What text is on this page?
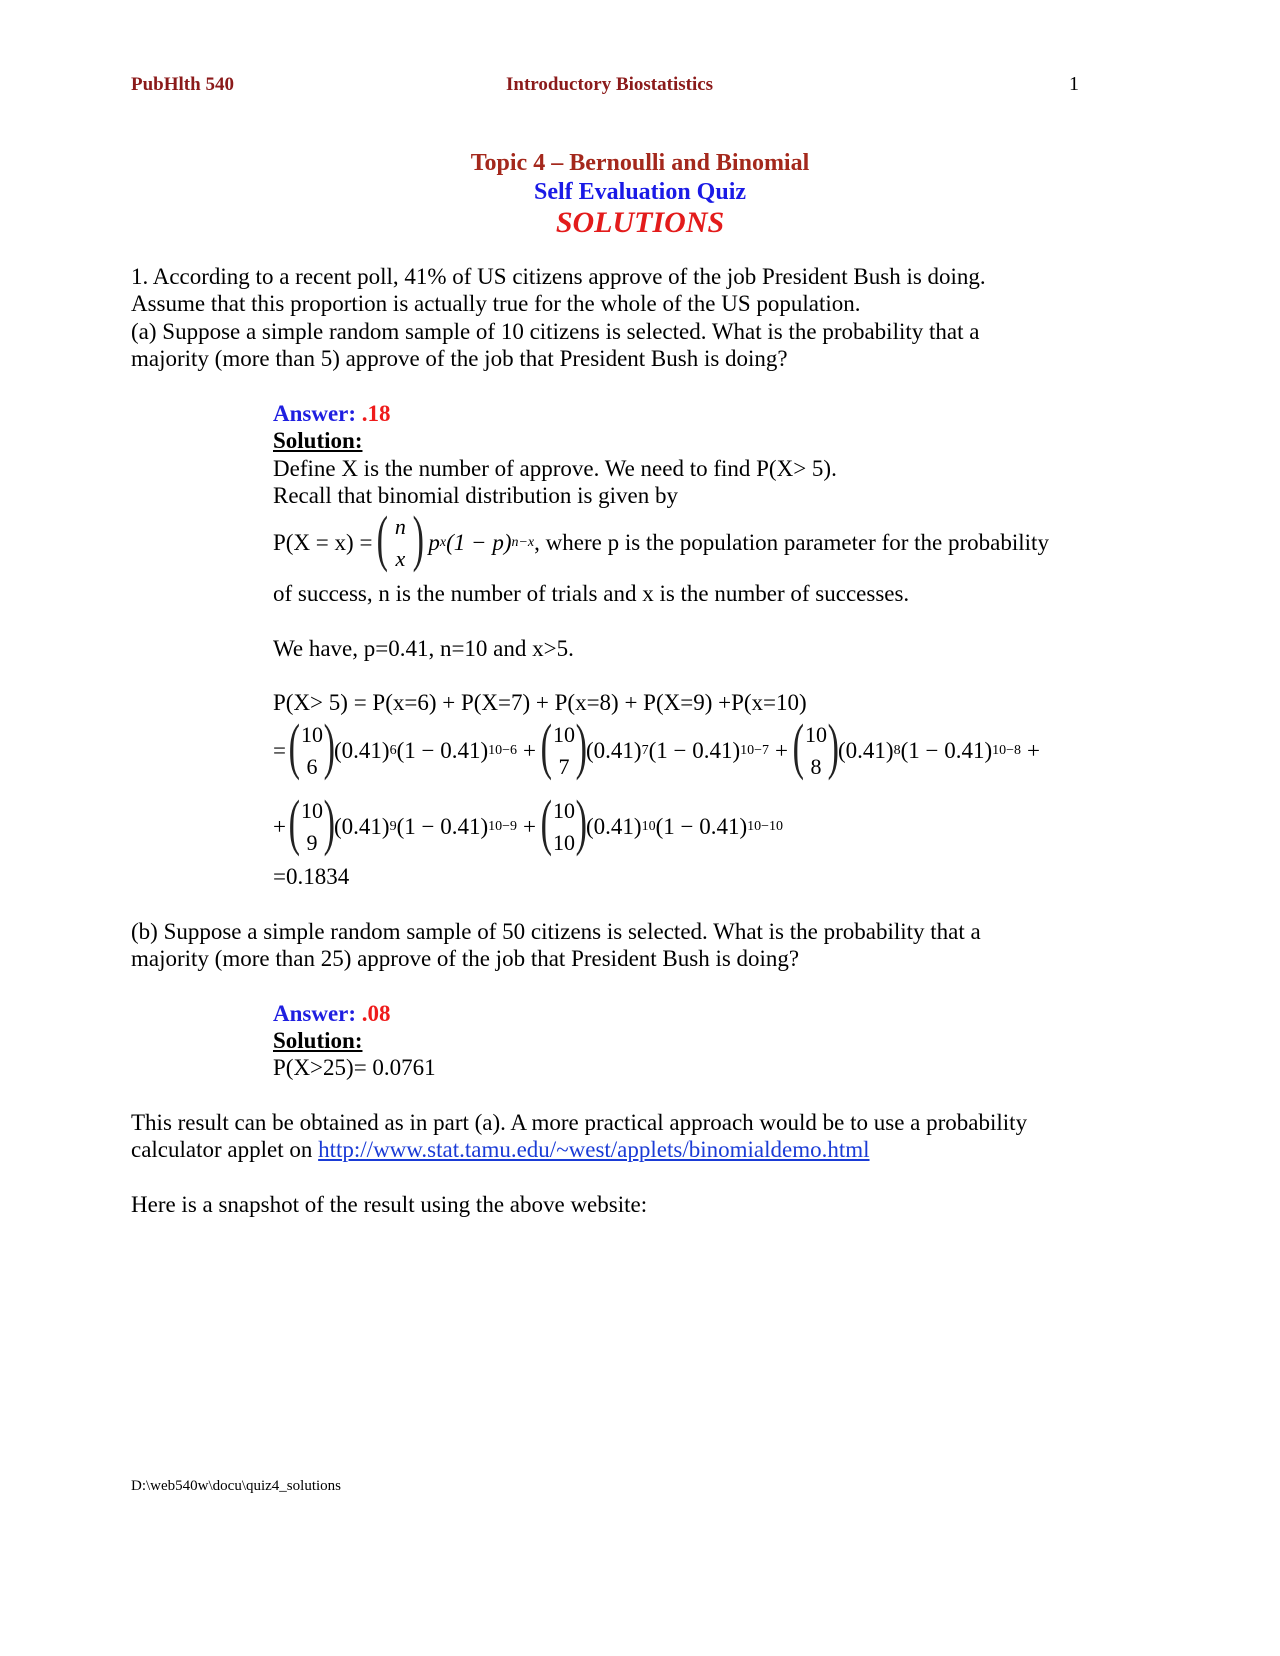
PubHlth 540	Introductory Biostatistics	1
Topic 4 – Bernoulli and Binomial
Self Evaluation Quiz
SOLUTIONS
1. According to a recent poll, 41% of US citizens approve of the job President Bush is doing.
Assume that this proportion is actually true for the whole of the US population.
(a) Suppose a simple random sample of 10 citizens is selected. What is the probability that a
majority (more than 5) approve of the job that President Bush is doing?
Answer: .18
Solution:
Define X is the number of approve. We need to find P(X> 5).
Recall that binomial distribution is given by
P(X = x) = ( n
x ) p x (1 − p) n−x , where p is the population parameter for the probability
of success, n is the number of trials and x is the number of successes.
We have, p=0.41, n=10 and x>5.
P(X> 5) = P(x=6) + P(X=7) + P(x=8) + P(X=9) +P(x=10)
= ( 10
6 )
(0.41) 6 (1 − 0.41) 10−6 + ( 10
7 )
(0.41) 7 (1 − 0.41) 10−7 + ( 10
8 )
(0.41) 8 (1 − 0.41) 10−8 +
+ ( 10
9 )
(0.41) 9 (1 − 0.41) 10−9 + ( 10
10 )
(0.41) 10 (1 − 0.41) 10−10
=0.1834
(b) Suppose a simple random sample of 50 citizens is selected. What is the probability that a
majority (more than 25) approve of the job that President Bush is doing?
Answer: .08
Solution:
P(X>25)= 0.0761
This result can be obtained as in part (a). A more practical approach would be to use a probability
calculator applet on http://www.stat.tamu.edu/~west/applets/binomialdemo.html
Here is a snapshot of the result using the above website:
D:\web540w\docu\quiz4_solutions
